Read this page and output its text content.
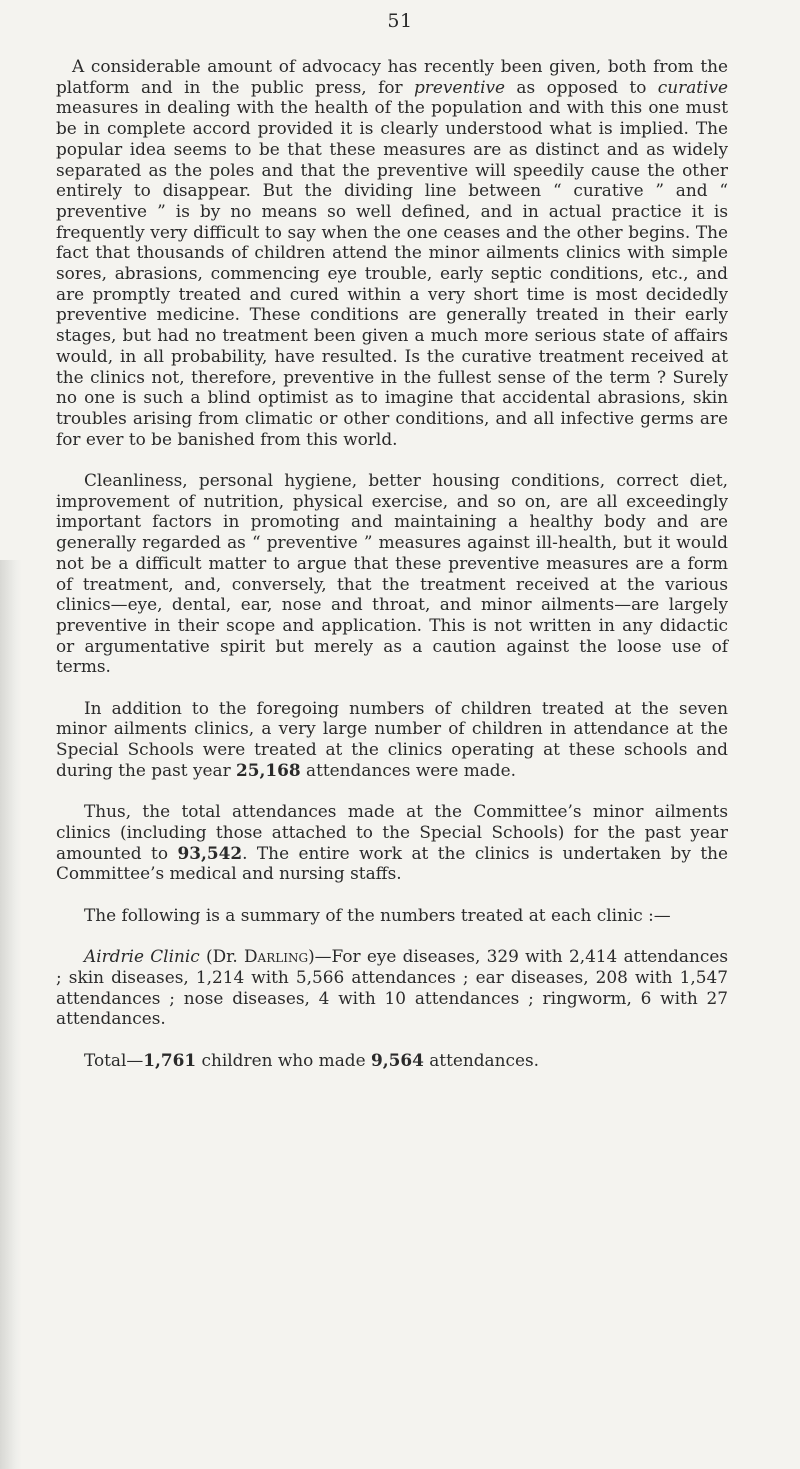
51

A considerable amount of advocacy has recently been given, both from the platform and in the public press, for preventive as opposed to curative measures in dealing with the health of the population and with this one must be in complete accord provided it is clearly understood what is implied. The popular idea seems to be that these measures are as distinct and as widely separated as the poles and that the preventive will speedily cause the other entirely to disappear. But the dividing line between “ curative ” and “ preventive ” is by no means so well defined, and in actual practice it is frequently very difficult to say when the one ceases and the other begins. The fact that thousands of children attend the minor ailments clinics with simple sores, abrasions, commencing eye trouble, early septic conditions, etc., and are promptly treated and cured within a very short time is most decidedly preventive medicine. These conditions are generally treated in their early stages, but had no treatment been given a much more serious state of affairs would, in all probability, have resulted. Is the curative treatment received at the clinics not, therefore, preventive in the fullest sense of the term ? Surely no one is such a blind optimist as to imagine that accidental abrasions, skin troubles arising from climatic or other conditions, and all infective germs are for ever to be banished from this world.

Cleanliness, personal hygiene, better housing conditions, correct diet, improvement of nutrition, physical exercise, and so on, are all exceedingly important factors in promoting and maintaining a healthy body and are generally regarded as “ preventive ” measures against ill-health, but it would not be a difficult matter to argue that these preventive measures are a form of treatment, and, conversely, that the treatment received at the various clinics—eye, dental, ear, nose and throat, and minor ailments—are largely preventive in their scope and application. This is not written in any didactic or argumentative spirit but merely as a caution against the loose use of terms.

In addition to the foregoing numbers of children treated at the seven minor ailments clinics, a very large number of children in attendance at the Special Schools were treated at the clinics operating at these schools and during the past year 25,168 attendances were made.

Thus, the total attendances made at the Committee’s minor ailments clinics (including those attached to the Special Schools) for the past year amounted to 93,542. The entire work at the clinics is undertaken by the Committee’s medical and nursing staffs.

The following is a summary of the numbers treated at each clinic :—

Airdrie Clinic (Dr. Darling)—For eye diseases, 329 with 2,414 attendances ; skin diseases, 1,214 with 5,566 attendances ; ear diseases, 208 with 1,547 attendances ; nose diseases, 4 with 10 attendances ; ringworm, 6 with 27 attendances.

Total—1,761 children who made 9,564 attendances.
